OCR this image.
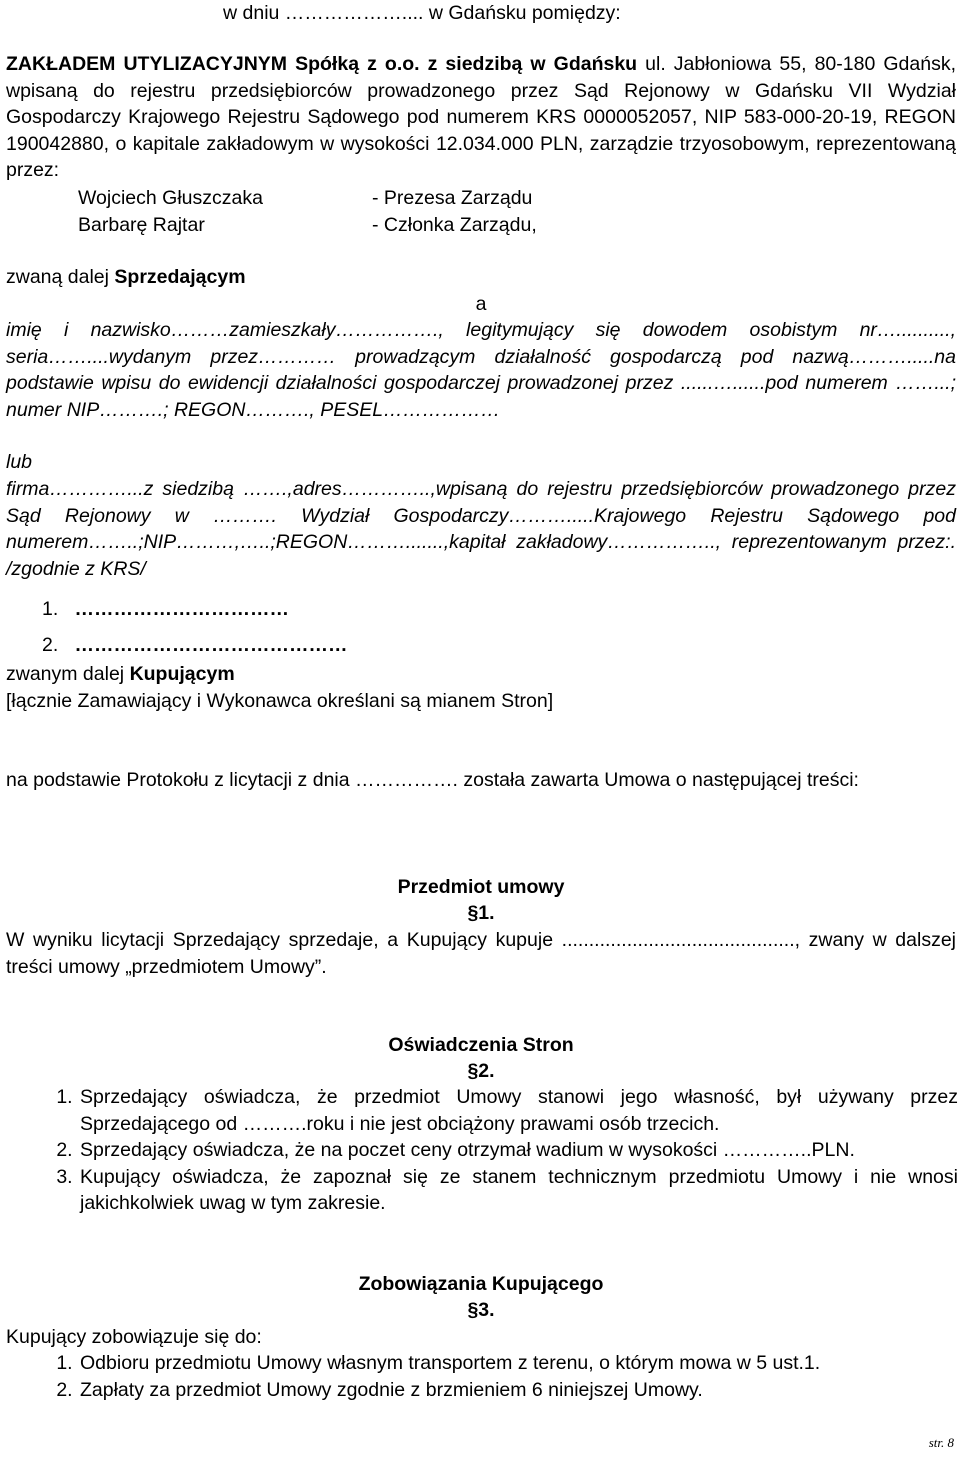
w dniu ……………….... w Gdańsku pomiędzy:

ZAKŁADEM UTYLIZACYJNYM Spółką z o.o. z siedzibą w Gdańsku ul. Jabłoniowa 55, 80-180 Gdańsk, wpisaną do rejestru przedsiębiorców prowadzonego przez Sąd Rejonowy w Gdańsku VII Wydział Gospodarczy Krajowego Rejestru Sądowego pod numerem KRS 0000052057, NIP 583-000-20-19, REGON 190042880, o kapitale zakładowym w wysokości 12.034.000 PLN, zarządzie trzyosobowym, reprezentowaną przez:

Wojciech Głuszczaka	- Prezesa Zarządu
Barbarę Rajtar	- Członka Zarządu,

zwaną dalej Sprzedającym

a

imię i nazwisko………zamieszkały……………., legitymujący się dowodem osobistym nr….........., seria……....wydanym przez………… prowadzącym działalność gospodarczą pod nazwą……….....na podstawie wpisu do ewidencji działalności gospodarczej prowadzonej przez ......…......pod numerem ……...; numer NIP……….; REGON………., PESEL………………

lub

firma…………...z siedzibą …….,adres…………..,wpisaną do rejestru przedsiębiorców prowadzonego przez Sąd Rejonowy w ………. Wydział Gospodarczy……….....Krajowego Rejestru Sądowego pod numerem……..;NIP………,…..;REGON……….......,kapitał zakładowy…………….., reprezentowanym przez:. /zgodnie z KRS/

1.   ……………………………

2.   ……………………………………

zwanym dalej Kupującym

[łącznie Zamawiający i Wykonawca określani są mianem Stron]

na podstawie Protokołu z licytacji z dnia ……………. została zawarta Umowa o następującej treści:

Przedmiot umowy

§1.

W wyniku licytacji Sprzedający sprzedaje, a Kupujący kupuje ..........................................., zwany w dalszej treści umowy „przedmiotem Umowy”.

Oświadczenia Stron

§2.

1. Sprzedający oświadcza, że przedmiot Umowy stanowi jego własność, był używany przez Sprzedającego od ……….roku i nie jest obciążony prawami osób trzecich.
2. Sprzedający oświadcza, że na poczet ceny otrzymał wadium w wysokości …………..PLN.
3. Kupujący oświadcza, że zapoznał się ze stanem technicznym przedmiotu Umowy i nie wnosi jakichkolwiek uwag w tym zakresie.

Zobowiązania Kupującego

§3.

Kupujący zobowiązuje się do:

1. Odbioru przedmiotu Umowy własnym transportem z terenu, o którym mowa w 5 ust.1.
2. Zapłaty za przedmiot Umowy zgodnie z brzmieniem 6 niniejszej Umowy.
str. 8
